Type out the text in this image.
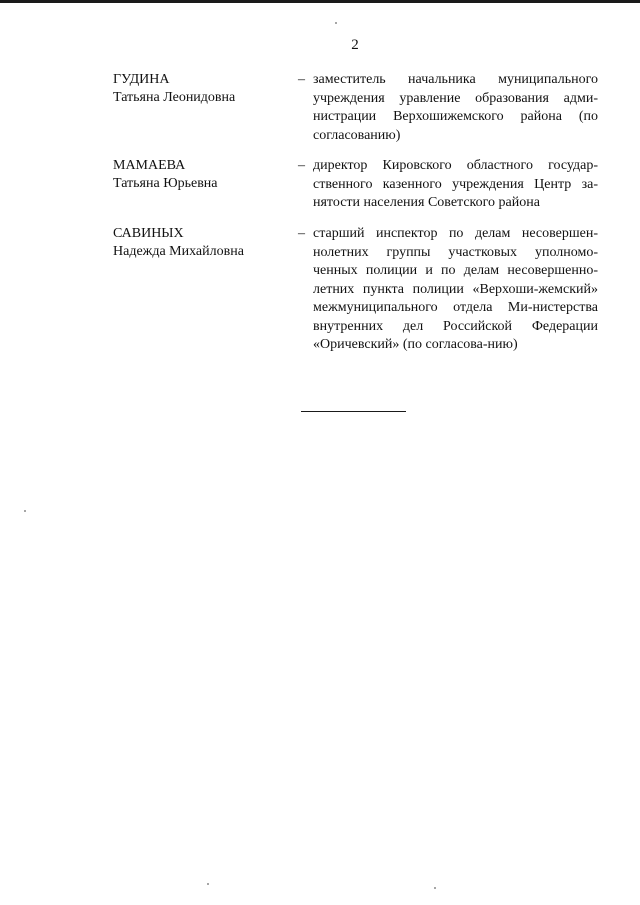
2
ГУДИНА
Татьяна Леонидовна
– заместитель начальника муниципального учреждения уравление образования адми-нистрации Верхошижемского района (по согласованию)
МАМАЕВА
Татьяна Юрьевна
– директор Кировского областного государ-ственного казенного учреждения Центр за-нятости населения Советского района
САВИНЫХ
Надежда Михайловна
– старший инспектор по делам несовершен-нолетних группы участковых уполномо-ченных полиции и по делам несовершенно-летних пункта полиции «Верхоши-жемский» межмуниципального отдела Ми-нистерства внутренних дел Российской Федерации «Оричевский» (по согласова-нию)
